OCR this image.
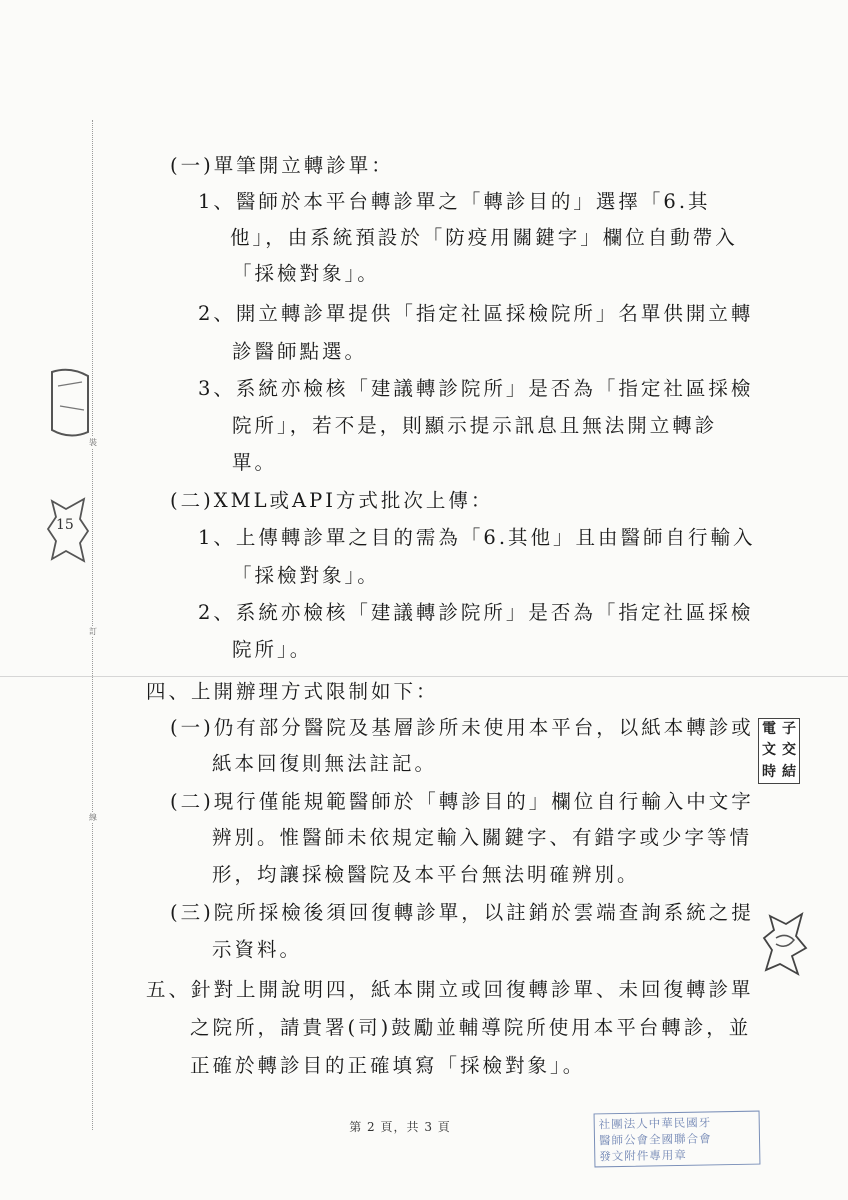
裝
訂
線
(一)單筆開立轉診單：
1、醫師於本平台轉診單之「轉診目的」選擇「6.其
他」，由系統預設於「防疫用關鍵字」欄位自動帶入
「採檢對象」。
2、開立轉診單提供「指定社區採檢院所」名單供開立轉
診醫師點選。
3、系統亦檢核「建議轉診院所」是否為「指定社區採檢
院所」，若不是，則顯示提示訊息且無法開立轉診
單。
(二)XML或API方式批次上傳：
1、上傳轉診單之目的需為「6.其他」且由醫師自行輸入
「採檢對象」。
2、系統亦檢核「建議轉診院所」是否為「指定社區採檢
院所」。
四、上開辦理方式限制如下：
(一)仍有部分醫院及基層診所未使用本平台，以紙本轉診或
紙本回復則無法註記。
(二)現行僅能規範醫師於「轉診目的」欄位自行輸入中文字
辨別。惟醫師未依規定輸入關鍵字、有錯字或少字等情
形，均讓採檢醫院及本平台無法明確辨別。
(三)院所採檢後須回復轉診單，以註銷於雲端查詢系統之提
示資料。
五、針對上開說明四，紙本開立或回復轉診單、未回復轉診單
之院所，請貴署(司)鼓勵並輔導院所使用本平台轉診，並
正確於轉診目的正確填寫「採檢對象」。
第 2 頁，共 3 頁	社團法人中華民國牙
醫師公會全國聯合會
發文附件專用章
電 子
文 交
時 結
15
